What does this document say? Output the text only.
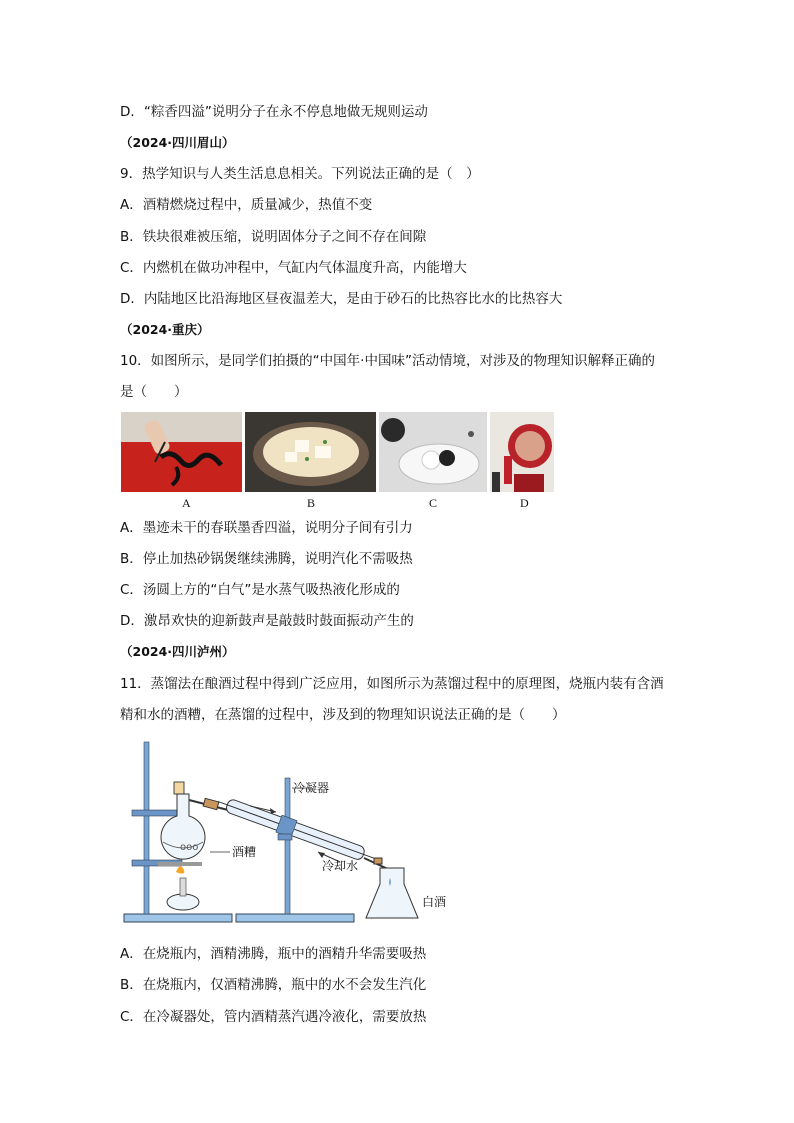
D．“粽香四溢”说明分子在永不停息地做无规则运动
（2024·四川眉山）
9．热学知识与人类生活息息相关。下列说法正确的是（　）
A．酒精燃烧过程中，质量减少，热值不变
B．铁块很难被压缩，说明固体分子之间不存在间隙
C．内燃机在做功冲程中，气缸内气体温度升高，内能增大
D．内陆地区比沿海地区昼夜温差大，是由于砂石的比热容比水的比热容大
（2024·重庆）
10．如图所示，是同学们拍摄的“中国年·中国味”活动情境，对涉及的物理知识解释正确的
是（　　）
A	B	C	D
A．墨迹未干的春联墨香四溢，说明分子间有引力
B．停止加热砂锅煲继续沸腾，说明汽化不需吸热
C．汤圆上方的“白气”是水蒸气吸热液化形成的
D．激昂欢快的迎新鼓声是敲鼓时鼓面振动产生的
（2024·四川泸州）
11．蒸馏法在酿酒过程中得到广泛应用，如图所示为蒸馏过程中的原理图，烧瓶内装有含酒
精和水的酒糟，在蒸馏的过程中，涉及到的物理知识说法正确的是（　　）
ooo
冷凝器
酒糟
冷却水
白酒
A．在烧瓶内，酒精沸腾，瓶中的酒精升华需要吸热
B．在烧瓶内，仅酒精沸腾，瓶中的水不会发生汽化
C．在冷凝器处，管内酒精蒸汽遇冷液化，需要放热
